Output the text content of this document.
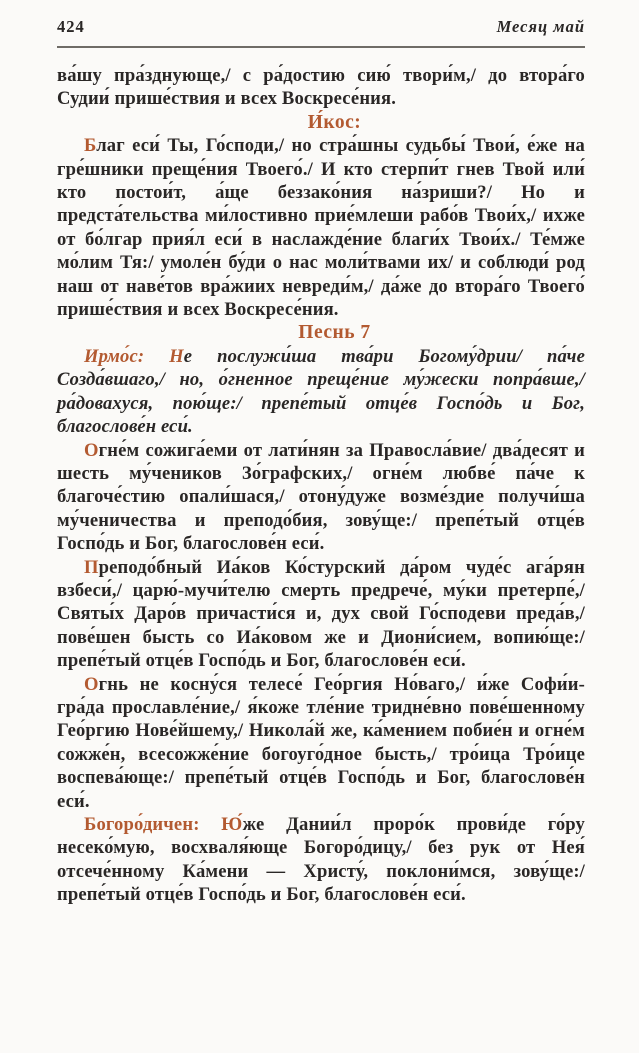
424	Месяц май

ва́шу пра́зднующе,/ с ра́достию сию́ твори́м,/ до втора́го Судии́ прише́ствия и всех Воскресе́ния.

И́кос:

Благ еси́ Ты, Го́споди,/ но стра́шны судьбы́ Твои́, е́же на гре́шники преще́ния Твоего́./ И кто стерпи́т гнев Твой или́ кто постои́т, а́ще беззако́ния на́зриши?/ Но и предста́тельства ми́лостивно прие́млеши рабо́в Твои́х,/ ихже от бо́лгар прия́л еси́ в наслажде́ние благи́х Твои́х./ Те́мже мо́лим Тя:/ умоле́н бу́ди о нас моли́твами их/ и соблюди́ род наш от наве́тов вра́жиих невреди́м,/ да́же до втора́го Твоего́ прише́ствия и всех Воскресе́ния.

Песнь 7

Ирмо́с: Не послужи́ша тва́ри Богому́дрии/ па́че Созда́вшаго,/ но, о́гненное преще́ние му́жески попра́вше,/ ра́довахуся, пою́ще:/ препе́тый отце́в Госпо́дь и Бог, благослове́н еси́.

Огне́м сожига́еми от лати́нян за Правосла́вие/ два́десят и шесть му́чеников Зо́графских,/ огне́м любве́ па́че к благоче́стию опали́шася,/ отону́дуже возме́здие получи́ша му́ченичества и преподо́бия, зову́ще:/ препе́тый отце́в Госпо́дь и Бог, благослове́н еси́.

Преподо́бный Иа́ков Ко́стурский да́ром чуде́с ага́рян взбеси́,/ царю́-мучи́телю смерть предрече́, му́ки претерпе́,/ Святы́х Даро́в причасти́ся и, дух свой Го́сподеви преда́в,/ пове́шен бысть со Иа́ковом же и Диони́сием, вопию́ще:/ препе́тый отце́в Госпо́дь и Бог, благослове́н еси́.

Огнь не косну́ся телесе́ Гео́ргия Но́ваго,/ и́же Софи́и-гра́да прославле́ние,/ я́коже тле́ние тридне́вно пове́шенному Гео́ргию Нове́йшему,/ Никола́й же, ка́мением побие́н и огне́м сожже́н, всесожже́ние богоуго́дное бысть,/ тро́ица Тро́ице воспева́юще:/ препе́тый отце́в Госпо́дь и Бог, благослове́н еси́.

Богоро́дичен: Ю́же Дании́л проро́к прови́де го́ру несеко́мую, восхваля́юще Богоро́дицу,/ без рук от Нея́ отсече́нному Ка́мени — Христу́, поклони́мся, зову́ще:/ препе́тый отце́в Госпо́дь и Бог, благослове́н еси́.
